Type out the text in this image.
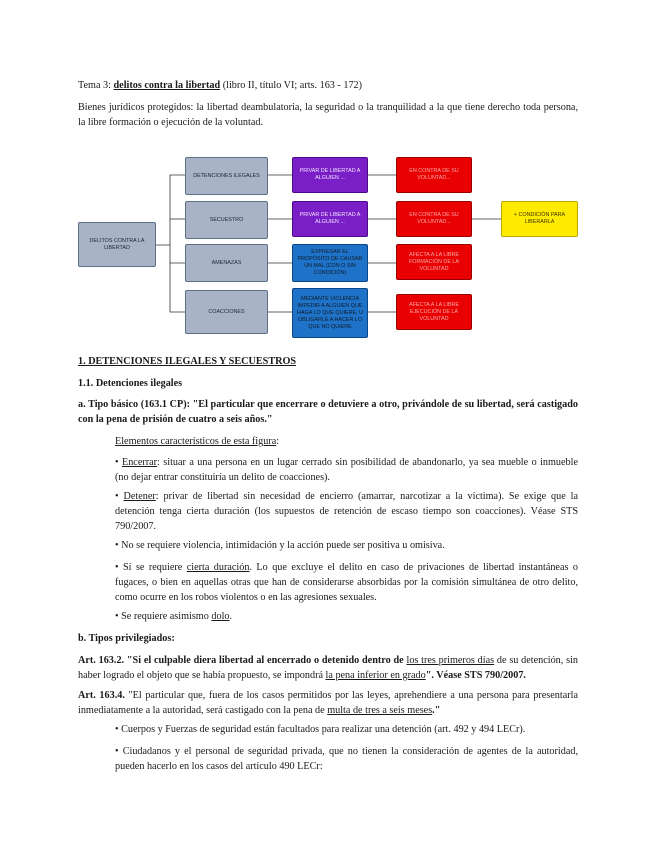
Tema 3: delitos contra la libertad (libro II, título VI; arts. 163 - 172)

Bienes jurídicos protegidos: la libertad deambulatoria, la seguridad o la tranquilidad a la que tiene derecho toda persona, la libre formación o ejecución de la voluntad.

DELITOS CONTRA LA LIBERTAD
DETENCIONES ILEGALES
PRIVAR DE LIBERTAD A ALGUIEN ...
EN CONTRA DE SU VOLUNTAD...
SECUESTRO
PRIVAR DE LIBERTAD A ALGUIEN ...
EN CONTRA DE SU VOLUNTAD...
+ CONDICIÓN PARA LIBERARLA
AMENAZAS
EXPRESAR EL PROPÓSITO DE CAUSAR UN MAL (CON O SIN CONDICIÓN)
AFECTA A LA LIBRE FORMACIÓN DE LA VOLUNTAD
COACCIONES
MEDIANTE VIOLENCIA IMPEDIR A ALGUIEN QUE HAGA LO QUE QUIERE, U OBLIGARLE A HACER LO QUE NO QUIERE
AFECTA A LA LIBRE EJECUCIÓN DE LA VOLUNTAD

1. DETENCIONES ILEGALES Y SECUESTROS

1.1. Detenciones ilegales

a. Tipo básico (163.1 CP): "El particular que encerrare o detuviere a otro, privándole de su libertad, será castigado con la pena de prisión de cuatro a seis años."

Elementos característicos de esta figura:

• Encerrar: situar a una persona en un lugar cerrado sin posibilidad de abandonarlo, ya sea mueble o inmueble (no dejar entrar constituiría un delito de coacciones).

• Detener: privar de libertad sin necesidad de encierro (amarrar, narcotizar a la víctima). Se exige que la detención tenga cierta duración (los supuestos de retención de escaso tiempo son coacciones). Véase STS 790/2007.

• No se requiere violencia, intimidación y la acción puede ser positiva u omisiva.

• Sí se requiere cierta duración. Lo que excluye el delito en caso de privaciones de libertad instantáneas o fugaces, o bien en aquellas otras que han de considerarse absorbidas por la comisión simultánea de otro delito, como ocurre en los robos violentos o en las agresiones sexuales.

• Se requiere asimismo dolo.

b. Tipos privilegiados:

Art. 163.2. "Si el culpable diera libertad al encerrado o detenido dentro de los tres primeros días de su detención, sin haber logrado el objeto que se había propuesto, se impondrá la pena inferior en grado". Véase STS 790/2007.

Art. 163.4. "El particular que, fuera de los casos permitidos por las leyes, aprehendiere a una persona para presentarla inmediatamente a la autoridad, será castigado con la pena de multa de tres a seis meses."

• Cuerpos y Fuerzas de seguridad están facultados para realizar una detención (art. 492 y 494 LECr).

• Ciudadanos y el personal de seguridad privada, que no tienen la consideración de agentes de la autoridad, pueden hacerlo en los casos del artículo 490 LECr:
